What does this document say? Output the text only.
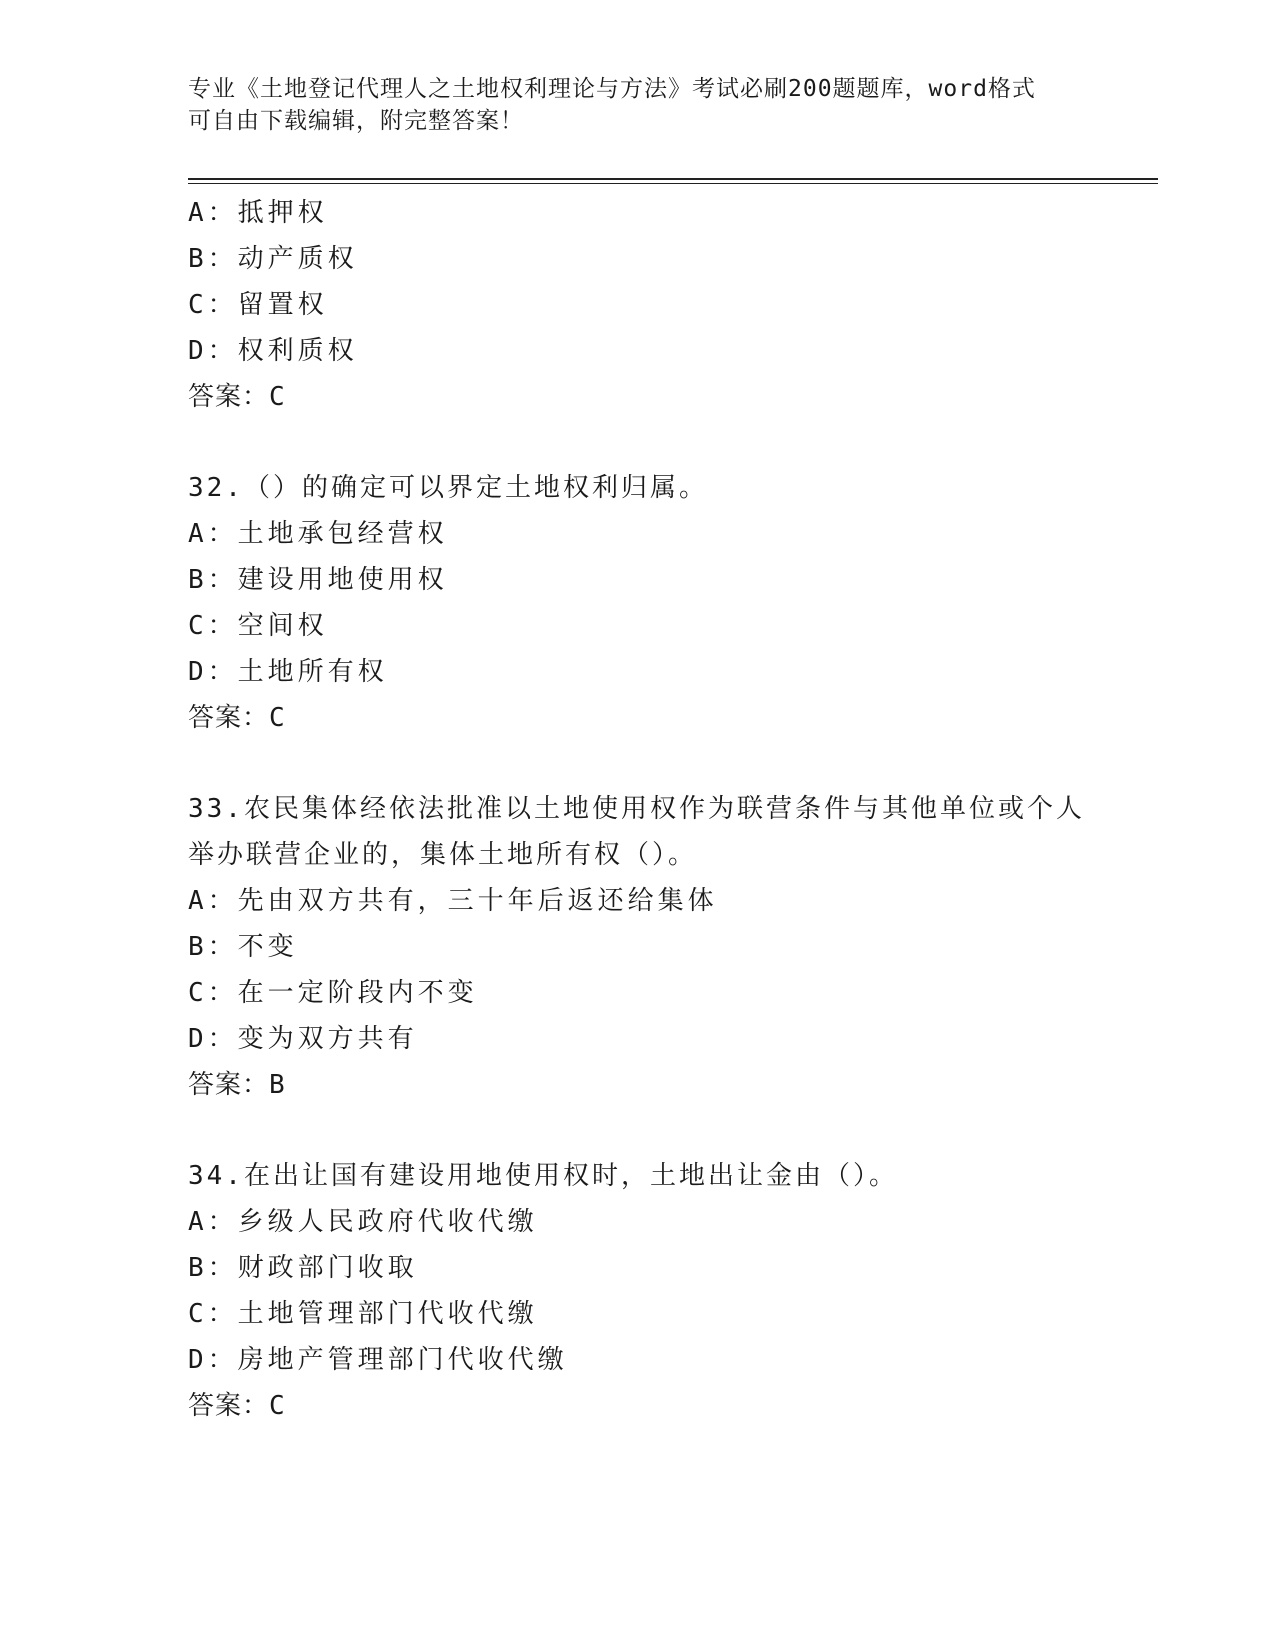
专业《土地登记代理人之土地权利理论与方法》考试必刷200题题库，word格式
可自由下载编辑，附完整答案！
A：抵押权
B：动产质权
C：留置权
D：权利质权
答案：C
32.（）的确定可以界定土地权利归属。
A：土地承包经营权
B：建设用地使用权
C：空间权
D：土地所有权
答案：C
33.农民集体经依法批准以土地使用权作为联营条件与其他单位或个人
举办联营企业的，集体土地所有权（）。
A：先由双方共有，三十年后返还给集体
B：不变
C：在一定阶段内不变
D：变为双方共有
答案：B
34.在出让国有建设用地使用权时，土地出让金由（）。
A：乡级人民政府代收代缴
B：财政部门收取
C：土地管理部门代收代缴
D：房地产管理部门代收代缴
答案：C
